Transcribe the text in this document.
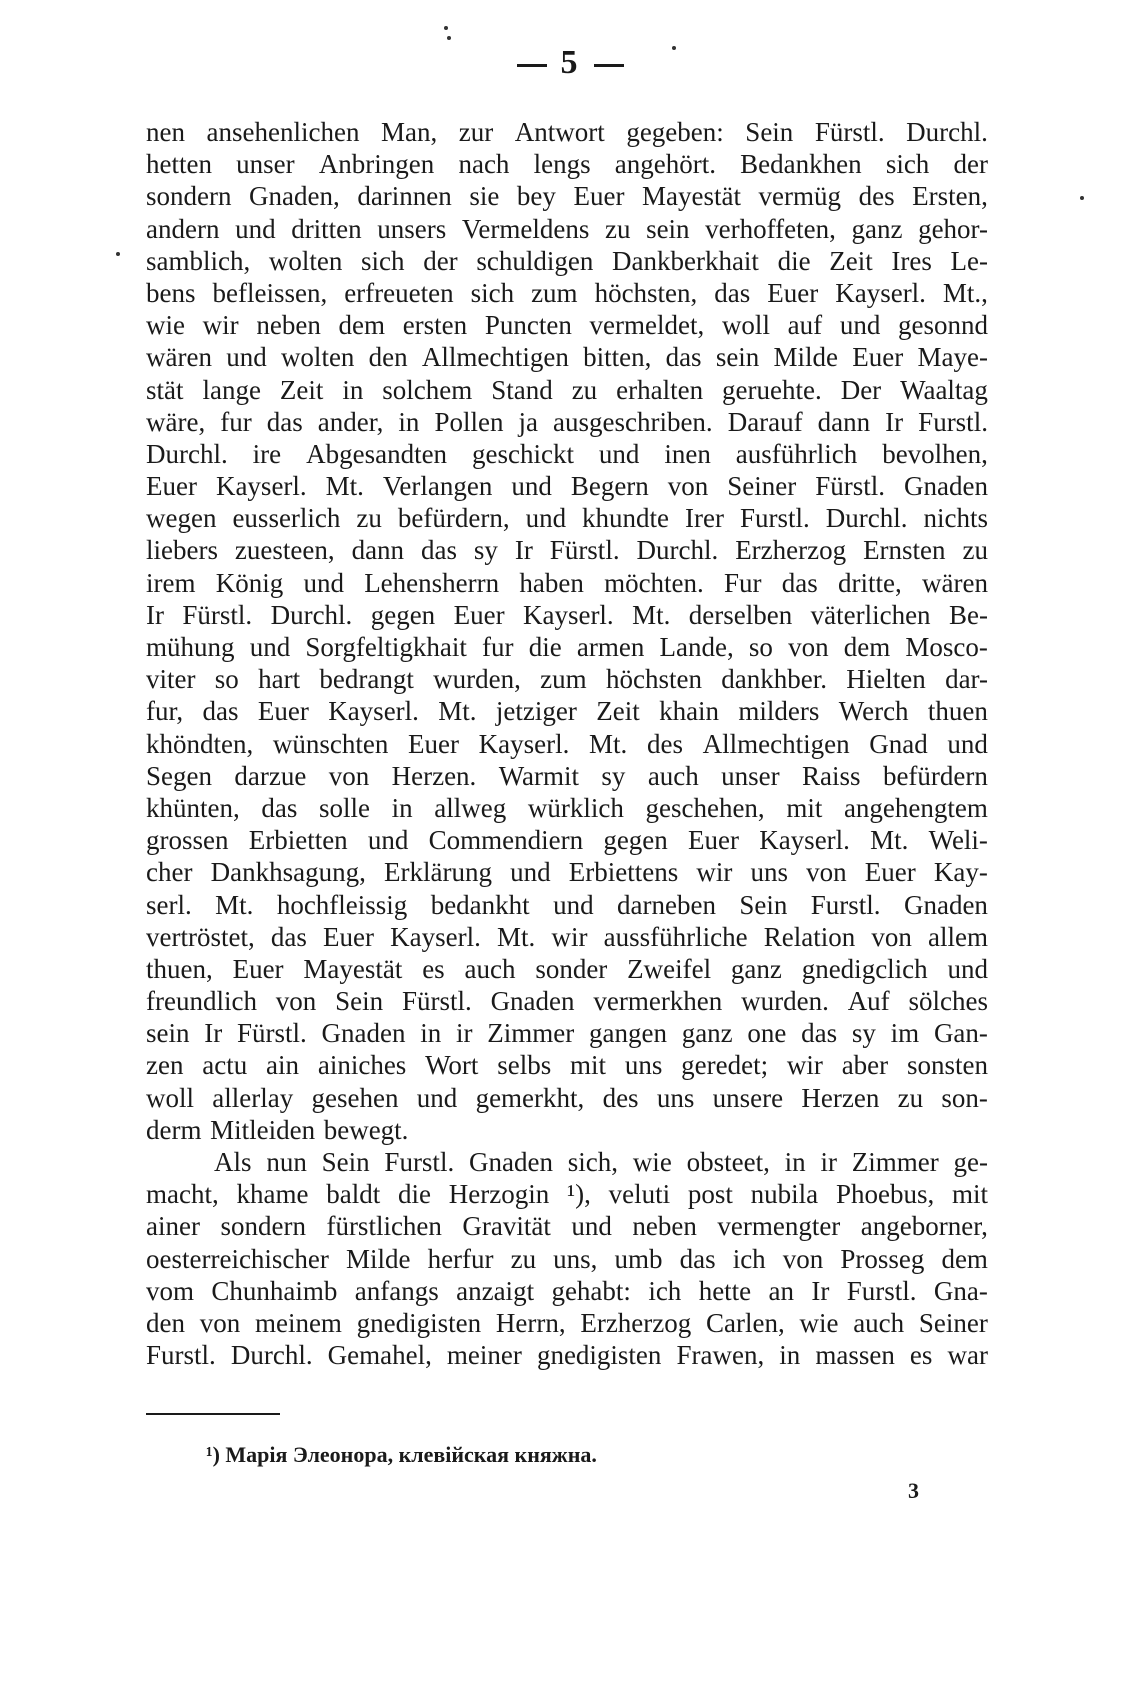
5
nen ansehenlichen Man, zur Antwort gegeben: Sein Fürstl. Durchl.
hetten unser Anbringen nach lengs angehört. Bedankhen sich der
sondern Gnaden, darinnen sie bey Euer Mayestät vermüg des Ersten,
andern und dritten unsers Vermeldens zu sein verhoffeten, ganz gehor-
samblich, wolten sich der schuldigen Dankberkhait die Zeit Ires Le-
bens befleissen, erfreueten sich zum höchsten, das Euer Kayserl. Mt.,
wie wir neben dem ersten Puncten vermeldet, woll auf und gesonnd
wären und wolten den Allmechtigen bitten, das sein Milde Euer Maye-
stät lange Zeit in solchem Stand zu erhalten geruehte. Der Waaltag
wäre, fur das ander, in Pollen ja ausgeschriben. Darauf dann Ir Furstl.
Durchl. ire Abgesandten geschickt und inen ausführlich bevolhen,
Euer Kayserl. Mt. Verlangen und Begern von Seiner Fürstl. Gnaden
wegen eusserlich zu befürdern, und khundte Irer Furstl. Durchl. nichts
liebers zuesteen, dann das sy Ir Fürstl. Durchl. Erzherzog Ernsten zu
irem König und Lehensherrn haben möchten. Fur das dritte, wären
Ir Fürstl. Durchl. gegen Euer Kayserl. Mt. derselben väterlichen Be-
mühung und Sorgfeltigkhait fur die armen Lande, so von dem Mosco-
viter so hart bedrangt wurden, zum höchsten dankhber. Hielten dar-
fur, das Euer Kayserl. Mt. jetziger Zeit khain milders Werch thuen
khöndten, wünschten Euer Kayserl. Mt. des Allmechtigen Gnad und
Segen darzue von Herzen. Warmit sy auch unser Raiss befürdern
khünten, das solle in allweg würklich geschehen, mit angehengtem
grossen Erbietten und Commendiern gegen Euer Kayserl. Mt. Weli-
cher Dankhsagung, Erklärung und Erbiettens wir uns von Euer Kay-
serl. Mt. hochfleissig bedankht und darneben Sein Furstl. Gnaden
vertröstet, das Euer Kayserl. Mt. wir aussführliche Relation von allem
thuen, Euer Mayestät es auch sonder Zweifel ganz gnedigclich und
freundlich von Sein Fürstl. Gnaden vermerkhen wurden. Auf sölches
sein Ir Fürstl. Gnaden in ir Zimmer gangen ganz one das sy im Gan-
zen actu ain ainiches Wort selbs mit uns geredet; wir aber sonsten
woll allerlay gesehen und gemerkht, des uns unsere Herzen zu son-
derm Mitleiden bewegt.
Als nun Sein Furstl. Gnaden sich, wie obsteet, in ir Zimmer ge-
macht, khame baldt die Herzogin ¹), veluti post nubila Phoebus, mit
ainer sondern fürstlichen Gravität und neben vermengter angeborner,
oesterreichischer Milde herfur zu uns, umb das ich von Prosseg dem
vom Chunhaimb anfangs anzaigt gehabt: ich hette an Ir Furstl. Gna-
den von meinem gnedigisten Herrn, Erzherzog Carlen, wie auch Seiner
Furstl. Durchl. Gemahel, meiner gnedigisten Frawen, in massen es war
¹) Марія Элеонора, клевійская княжна.
3
